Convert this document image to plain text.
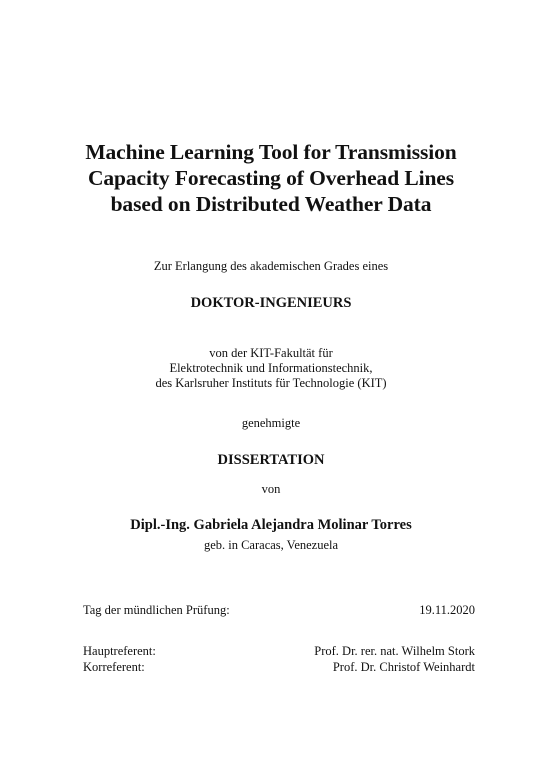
Machine Learning Tool for Transmission
Capacity Forecasting of Overhead Lines
based on Distributed Weather Data

Zur Erlangung des akademischen Grades eines

DOKTOR-INGENIEURS

von der KIT-Fakultät für
Elektrotechnik und Informationstechnik,
des Karlsruher Instituts für Technologie (KIT)

genehmigte

DISSERTATION

von

Dipl.-Ing. Gabriela Alejandra Molinar Torres

geb. in Caracas, Venezuela

Tag der mündlichen Prüfung:	19.11.2020
Hauptreferent:	Prof. Dr. rer. nat. Wilhelm Stork
Korreferent:	Prof. Dr. Christof Weinhardt
